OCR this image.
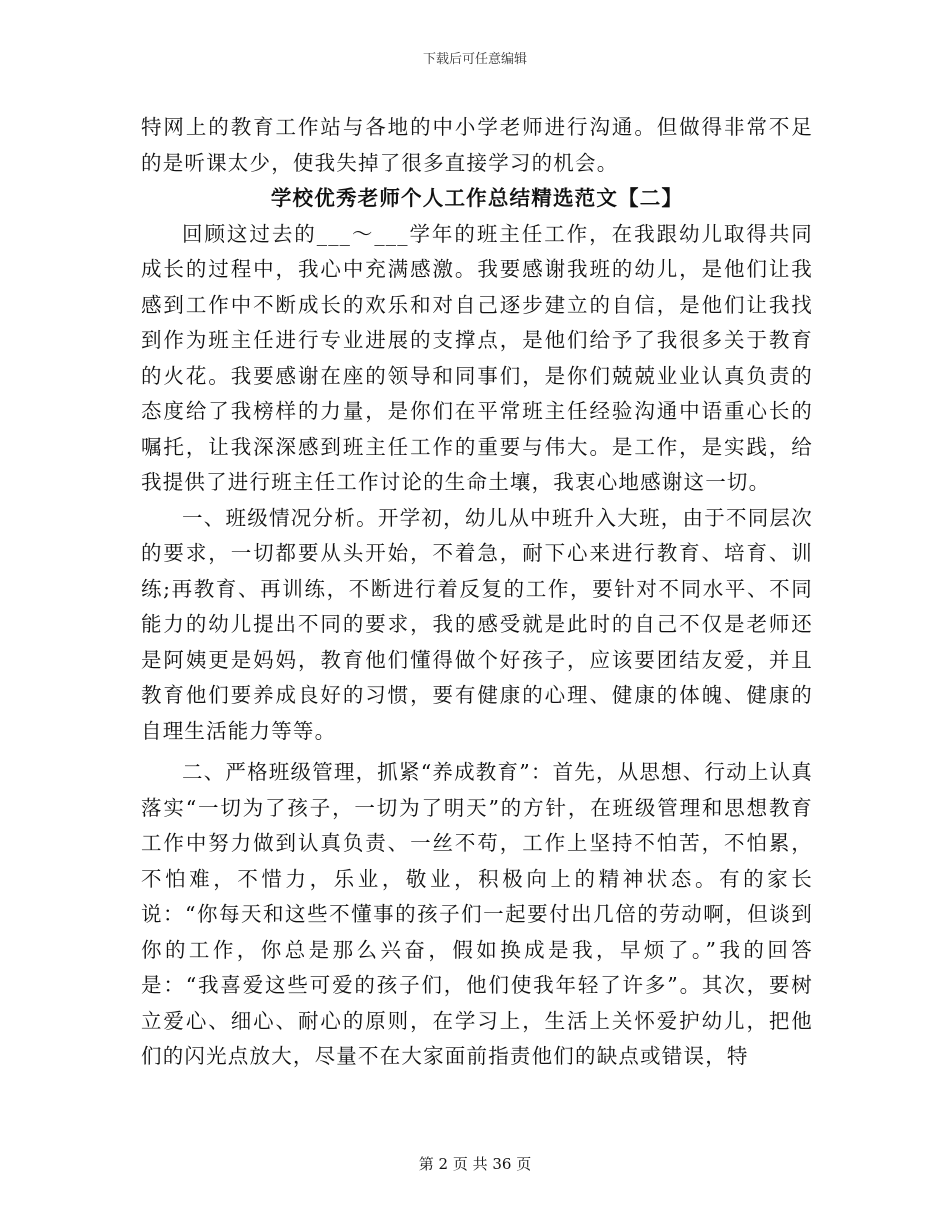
下载后可任意编辑

特网上的教育工作站与各地的中小学老师进行沟通。但做得非常不足的是听课太少，使我失掉了很多直接学习的机会。

学校优秀老师个人工作总结精选范文【二】

回顾这过去的___～___学年的班主任工作，在我跟幼儿取得共同成长的过程中，我心中充满感激。我要感谢我班的幼儿，是他们让我感到工作中不断成长的欢乐和对自己逐步建立的自信，是他们让我找到作为班主任进行专业进展的支撑点，是他们给予了我很多关于教育的火花。我要感谢在座的领导和同事们，是你们兢兢业业认真负责的态度给了我榜样的力量，是你们在平常班主任经验沟通中语重心长的嘱托，让我深深感到班主任工作的重要与伟大。是工作，是实践，给我提供了进行班主任工作讨论的生命土壤，我衷心地感谢这一切。

一、班级情况分析。开学初，幼儿从中班升入大班，由于不同层次的要求，一切都要从头开始，不着急，耐下心来进行教育、培育、训练;再教育、再训练，不断进行着反复的工作，要针对不同水平、不同能力的幼儿提出不同的要求，我的感受就是此时的自己不仅是老师还是阿姨更是妈妈，教育他们懂得做个好孩子，应该要团结友爱，并且教育他们要养成良好的习惯，要有健康的心理、健康的体魄、健康的自理生活能力等等。

二、严格班级管理，抓紧“养成教育”：首先，从思想、行动上认真落实“一切为了孩子，一切为了明天”的方针，在班级管理和思想教育工作中努力做到认真负责、一丝不苟，工作上坚持不怕苦，不怕累，不怕难，不惜力，乐业，敬业，积极向上的精神状态。有的家长说：“你每天和这些不懂事的孩子们一起要付出几倍的劳动啊，但谈到你的工作，你总是那么兴奋，假如换成是我，早烦了。”我的回答是：“我喜爱这些可爱的孩子们，他们使我年轻了许多”。其次，要树立爱心、细心、耐心的原则，在学习上，生活上关怀爱护幼儿，把他们的闪光点放大，尽量不在大家面前指责他们的缺点或错误，特

第 2 页 共 36 页
